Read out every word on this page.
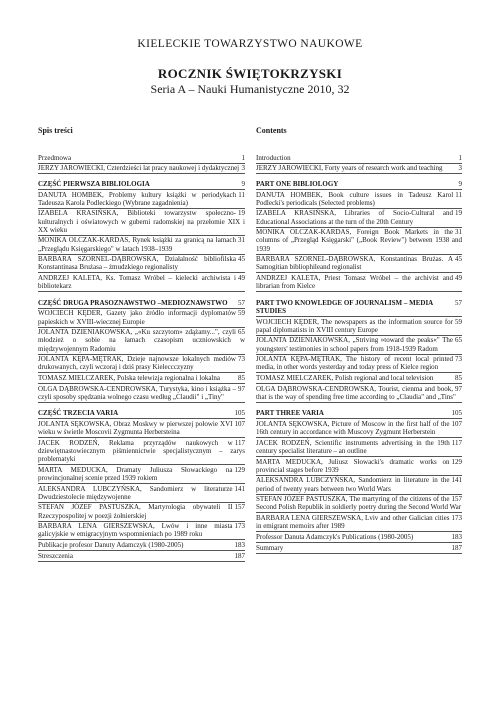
KIELECKIE TOWARZYSTWO NAUKOWE
ROCZNIK ŚWIĘTOKRZYSKI
Seria A – Nauki Humanistyczne 2010, 32
Spis treści
1
Przedmowa
3
JERZY JAROWIECKI, Czterdzieści lat pracy naukowej i dydaktycznej
9
CZĘŚĆ PIERWSZA BIBLIOLOGIA
11
DANUTA HOMBEK, Problemy kultury książki w periodykach Tadeusza Karola Podleckiego (Wybrane zagadnienia)
19
IZABELA KRASIŃSKA, Biblioteki towarzystw społeczno-kulturalnych i oświatowych w guberni radomskiej na przełomie XIX i XX wieku
31
MONIKA OLCZAK-KARDAS, Rynek książki za granicą na łamach „Przeglądu Księgarskiego" w latach 1938–1939
45
BARBARA SZORNEL-DĄBROWSKA, Działalność bibliofilska Konstantinasa Brużasa – żmudzkiego regionalisty
49
ANDRZEJ KALETA, Ks. Tomasz Wróbel – kielecki archiwista i bibliotekarz
57
CZĘŚĆ DRUGA PRASOZNAWSTWO –MEDIOZNAWSTWO
59
WOJCIECH KĘDER, Gazety jako źródło informacji dyplomatów papieskich w XVIII-wiecznej Europie
65
JOLANTA DZIENIAKOWSKA, „«Ku szczytom» zdążamy...", czyli młodzież o sobie na łamach czasopism uczniowskich w międzywojennym Radomiu
73
JOLANTA KĘPA-MĘTRAK, Dzieje najnowsze lokalnych mediów drukowanych, czyli wczoraj i dziś prasy Kieleccczyzny
85
TOMASZ MIELCZAREK, Polska telewizja regionalna i lokalna
97
OLGA DĄBROWSKA-CENDROWSKA, Turystyka, kino i książka – czyli sposoby spędzania wolnego czasu według „Claudii" i „Tiny"
105
CZĘŚĆ TRZECIA VARIA
107
JOLANTA SĘKOWSKA, Obraz Moskwy w pierwszej połowie XVI wieku w świetle Moscovii Zygmunta Herbersteina
117
JACEK RODZEŃ, Reklama przyrządów naukowych w dziewiętnastowiecznym piśmiennictwie specjalistycznym – zarys problematyki
129
MARTA MEDUCKA, Dramaty Juliusza Słowackiego na prowincjonalnej scenie przed 1939 rokiem
141
ALEKSANDRA LUBCZYŃSKA, Sandomierz w literaturze Dwudziestolecie międzywojenne
157
STEFAN JÓZEF PASTUSZKA, Martyrologia obywateli II Rzeczypospolitej w poezji żołnierskiej
173
BARBARA LENA GIERSZEWSKA, Lwów i inne miasta galicyjskie w emigracyjnym wspomnieniach po 1989 roku
183
Publikacje profesor Danuty Adamczyk (1980-2005)
187
Streszczenia
Contents
1
Introduction
3
JERZY JAROWIECKI, Forty years of research work and teaching
9
PART ONE BIBLIOLOGY
11
DANUTA HOMBEK, Book culture issues in Tadeusz Karol Podlecki's periodicals (Selected problems)
19
IZABELA KRASIŃSKA, Libraries of Socio-Cultural and Educational Associations at the turn of the 20th Century
31
MONIKA OLCZAK-KARDAS, Foreign Book Markets in the columns of „Przegląd Księgarski" („Book Review") between 1938 and 1939
45
BARBARA SZORNEL-DĄBROWSKA, Konstantinas Brużas. A Samogitian bibliophileand regionalist
49
ANDRZEJ KALETA, Priest Tomasz Wróbel – the archivist and librarian from Kielce
57
PART TWO KNOWLEDGE OF JOURNALISM – MEDIA STUDIES
59
WOJCIECH KĘDER, The newspapers as the information source for papal diplomatists in XVIII century Europe
65
JOLANTA DZIENIAKOWSKA, „Striving »toward the peaks«" The youngsters' testimonies in school papers from 1918-1939 Radom
73
JOLANTA KĘPA-MĘTRAK, The history of recent local printed media, in other words yesterday and today press of Kielce region
85
TOMASZ MIELCZAREK, Polish regional and local television
97
OLGA DĄBROWSKA-CENDROWSKA, Tourist, cienma and book, that is the way of spending free time according to „Claudia" and „Tins"
105
PART THREE VARIA
107
JOLANTA SĘKOWSKA, Picture of Moscow in the first half of the 16th century in accordance with Muscovy Zygmunt Herberstein
117
JACEK RODZEŃ, Scientific instruments advertising in the 19th century specialist literature – an outline
129
MARTA MEDUCKA, Juliusz Słowacki's dramatic works on provincial stages before 1939
141
ALEKSANDRA LUBCZYŃSKA, Sandomierz in literature in the period of twenty years between two World Wars
157
STEFAN JÓZEF PASTUSZKA, The martyring of the citizens of the Second Polish Republik in soldierly poetry during the Second World War
173
BARBARA LENA GIERSZEWSKA, Lviv and other Galician cities in emigrant memoirs after 1989
183
Professor Danuta Adamczyk's Publications (1980-2005)
187
Summary
